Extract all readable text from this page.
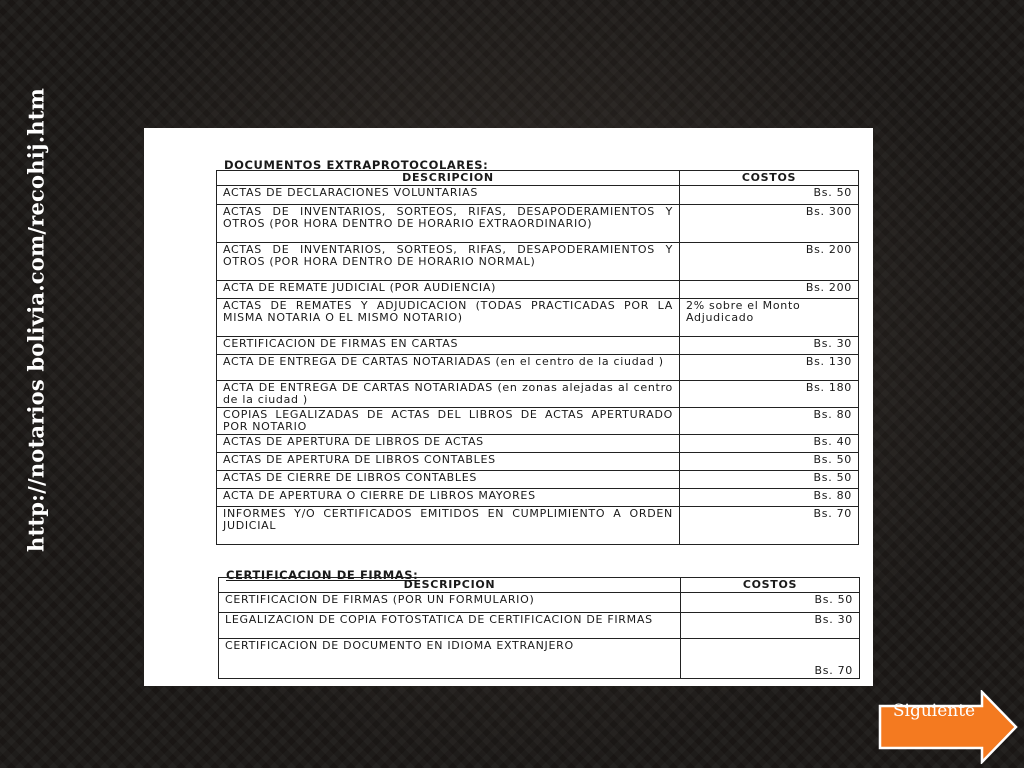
http://notarios bolivia.com/recohij.htm	DOCUMENTOS EXTRAPROTOCOLARES:
DESCRIPCION	COSTOS
ACTAS DE DECLARACIONES VOLUNTARIAS	Bs. 50
ACTAS DE INVENTARIOS, SORTEOS, RIFAS, DESAPODERAMIENTOS Y OTROS (POR HORA DENTRO DE HORARIO EXTRAORDINARIO)	Bs. 300
ACTAS DE INVENTARIOS, SORTEOS, RIFAS, DESAPODERAMIENTOS Y OTROS (POR HORA DENTRO DE HORARIO NORMAL)	Bs. 200
ACTA DE REMATE JUDICIAL (POR AUDIENCIA)	Bs. 200
ACTAS DE REMATES Y ADJUDICACION (TODAS PRACTICADAS POR LA MISMA NOTARIA O EL MISMO NOTARIO)	2% sobre el Monto Adjudicado
CERTIFICACION DE FIRMAS EN CARTAS	Bs. 30
ACTA DE ENTREGA DE CARTAS NOTARIADAS (en el centro de la ciudad )	Bs. 130
ACTA DE ENTREGA DE CARTAS NOTARIADAS (en zonas alejadas al centro de la ciudad )	Bs. 180
COPIAS LEGALIZADAS DE ACTAS DEL LIBROS DE ACTAS APERTURADO POR NOTARIO	Bs. 80
ACTAS DE APERTURA DE LIBROS DE ACTAS	Bs. 40
ACTAS DE APERTURA DE LIBROS CONTABLES	Bs. 50
ACTAS DE CIERRE DE LIBROS CONTABLES	Bs. 50
ACTA DE APERTURA O CIERRE DE LIBROS MAYORES	Bs. 80
INFORMES Y/O CERTIFICADOS EMITIDOS EN CUMPLIMIENTO A ORDEN JUDICIAL	Bs. 70
CERTIFICACION DE FIRMAS:
DESCRIPCION	COSTOS
CERTIFICACION DE FIRMAS (POR UN FORMULARIO)	Bs. 50
LEGALIZACION DE COPIA FOTOSTATICA DE CERTIFICACION DE FIRMAS	Bs. 30
CERTIFICACION DE DOCUMENTO EN IDIOMA EXTRANJERO	Bs. 70
Siguiente
